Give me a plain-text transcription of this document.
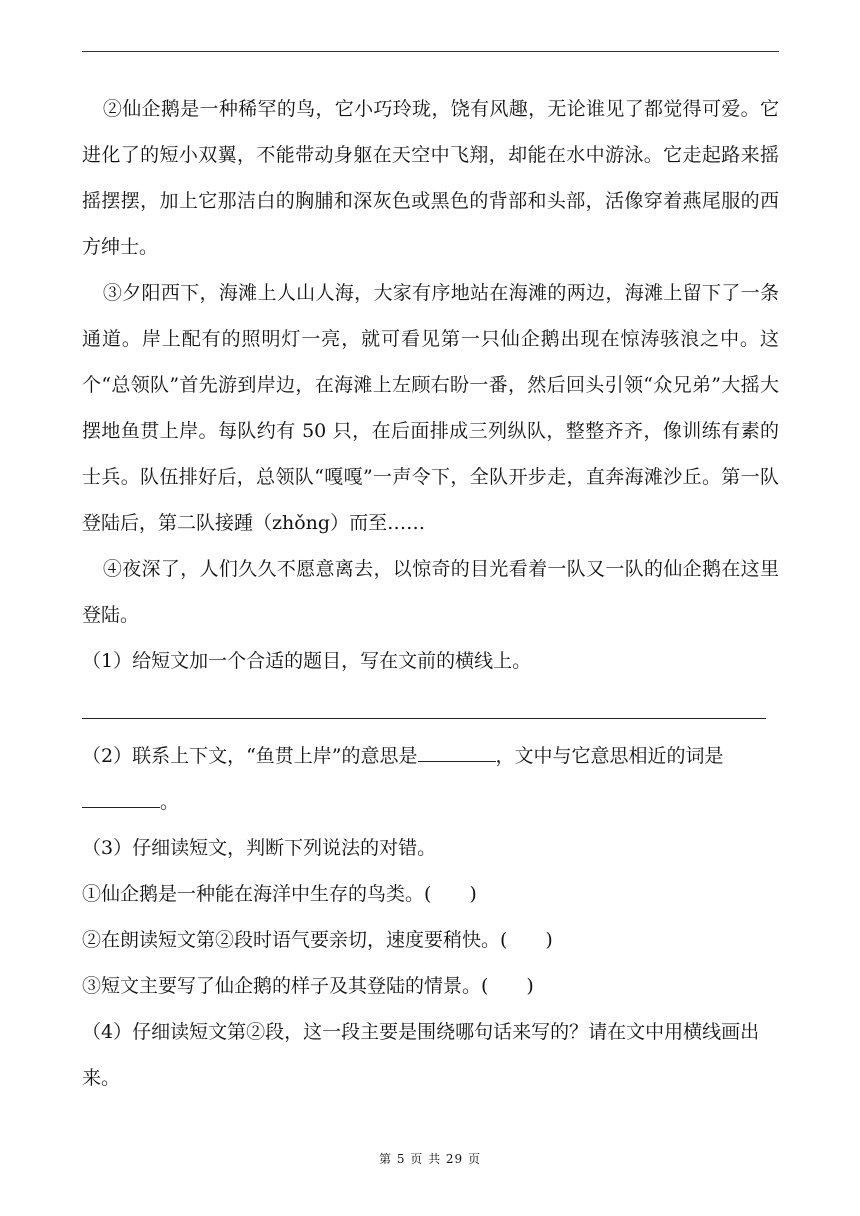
②仙企鹅是一种稀罕的鸟，它小巧玲珑，饶有风趣，无论谁见了都觉得可爱。它进化了的短小双翼，不能带动身躯在天空中飞翔，却能在水中游泳。它走起路来摇摇摆摆，加上它那洁白的胸脯和深灰色或黑色的背部和头部，活像穿着燕尾服的西方绅士。

③夕阳西下，海滩上人山人海，大家有序地站在海滩的两边，海滩上留下了一条通道。岸上配有的照明灯一亮，就可看见第一只仙企鹅出现在惊涛骇浪之中。这个“总领队”首先游到岸边，在海滩上左顾右盼一番，然后回头引领“众兄弟”大摇大摆地鱼贯上岸。每队约有 50 只，在后面排成三列纵队，整整齐齐，像训练有素的士兵。队伍排好后，总领队“嘎嘎”一声令下，全队开步走，直奔海滩沙丘。第一队登陆后，第二队接踵（zhǒng）而至……

④夜深了，人们久久不愿意离去，以惊奇的目光看着一队又一队的仙企鹅在这里登陆。

（1）给短文加一个合适的题目，写在文前的横线上。

（2）联系上下文，“鱼贯上岸”的意思是	，文中与它意思相近的词是
。

（3）仔细读短文，判断下列说法的对错。

①仙企鹅是一种能在海洋中生存的鸟类。(　　)

②在朗读短文第②段时语气要亲切，速度要稍快。(　　)

③短文主要写了仙企鹅的样子及其登陆的情景。(　　)

（4）仔细读短文第②段，这一段主要是围绕哪句话来写的？请在文中用横线画出来。

第 5 页 共 29 页
